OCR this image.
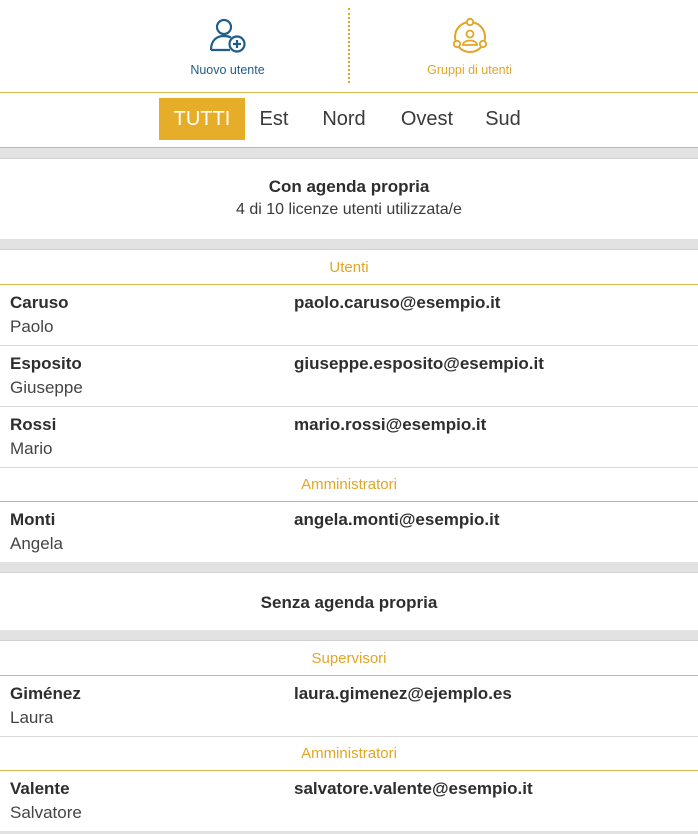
Nuovo utente	Gruppi di utenti
TUTTI	Est	Nord	Ovest	Sud
Con agenda propria
4 di 10 licenze utenti utilizzata/e
Utenti
Caruso
Paolo
paolo.caruso@esempio.it
Esposito
Giuseppe
giuseppe.esposito@esempio.it
Rossi
Mario
mario.rossi@esempio.it
Amministratori
Monti
Angela
angela.monti@esempio.it
Senza agenda propria
Supervisori
Giménez
Laura
laura.gimenez@ejemplo.es
Amministratori
Valente
Salvatore
salvatore.valente@esempio.it
